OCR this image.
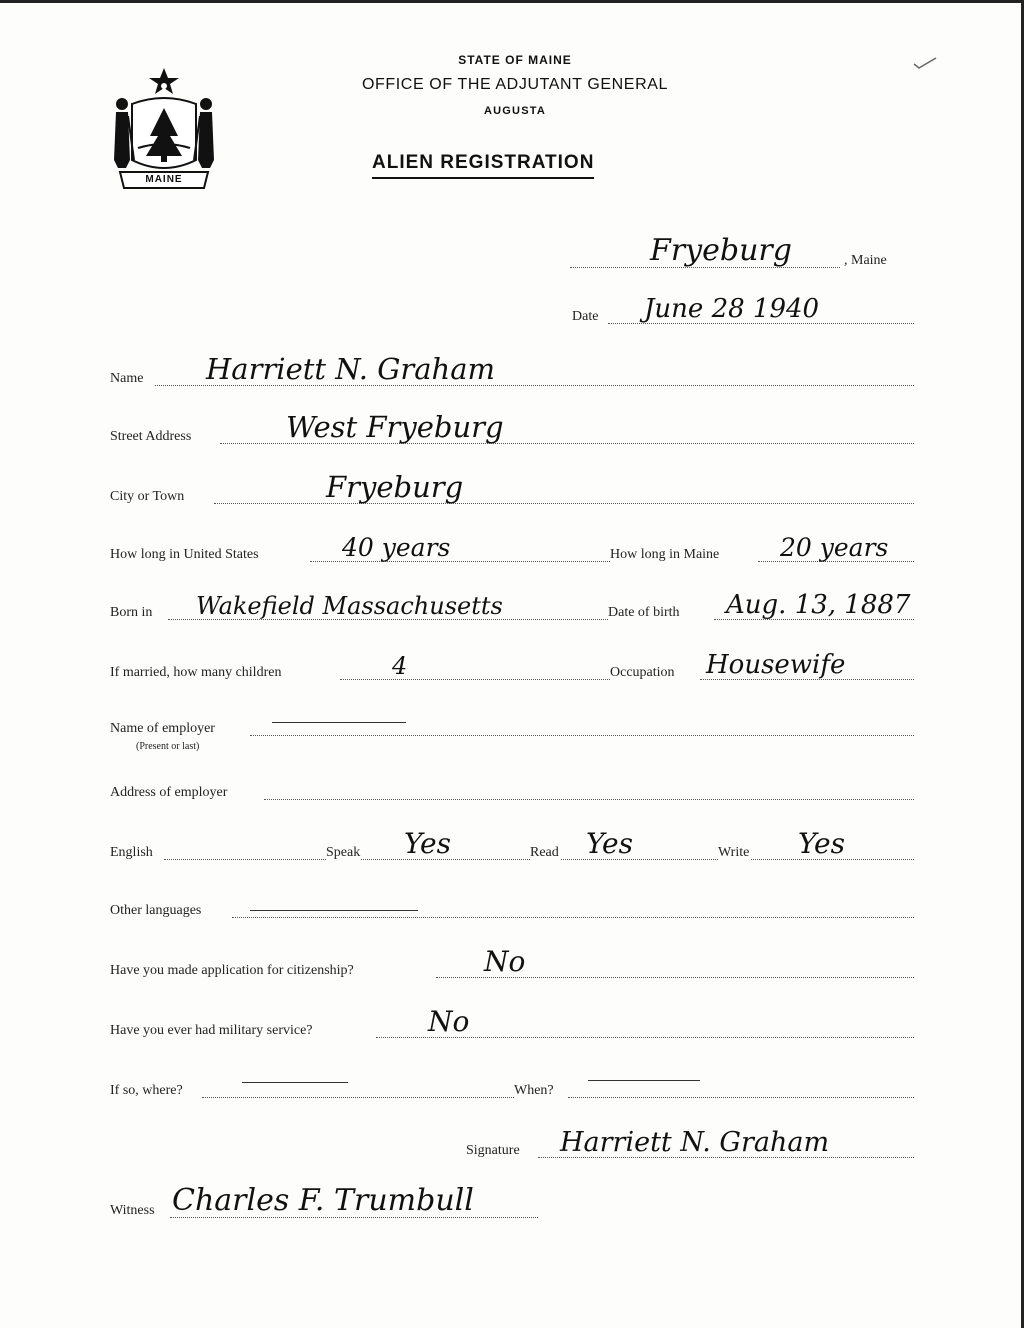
MAINE
STATE OF MAINE
OFFICE OF THE ADJUTANT GENERAL
AUGUSTA
ALIEN REGISTRATION
Fryeburg	, Maine
Date June 28 1940
Name Harriett N. Graham
Street Address	West Fryeburg
City or Town	Fryeburg
How long in United States	40 years	How long in Maine 20 years
Born in Wakefield Massachusetts	Date of birth Aug. 13, 1887
If married, how many children	4	Occupation Housewife
Name of employer
(Present or last)
Address of employer
English	Speak Yes	Read Yes	Write Yes
Other languages
Have you made application for citizenship?	No
Have you ever had military service?	No
If so, where?	When?
Signature Harriett N. Graham
Witness Charles F. Trumbull
